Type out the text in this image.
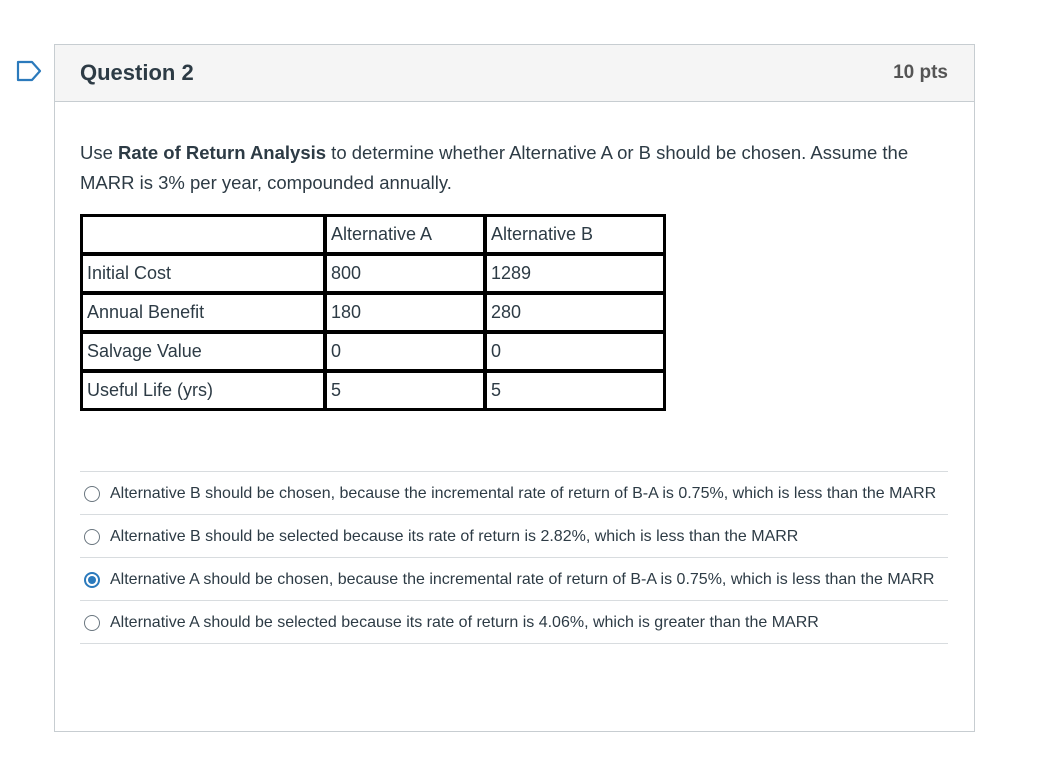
Question 2	10 pts

Use Rate of Return Analysis to determine whether Alternative A or B should be chosen. Assume the MARR is 3% per year, compounded annually.

	Alternative A	Alternative B
Initial Cost	800	1289
Annual Benefit	180	280
Salvage Value	0	0
Useful Life (yrs)	5	5
Alternative B should be chosen, because the incremental rate of return of B-A is 0.75%, which is less than the MARR
Alternative B should be selected because its rate of return is 2.82%, which is less than the MARR
Alternative A should be chosen, because the incremental rate of return of B-A is 0.75%, which is less than the MARR
Alternative A should be selected because its rate of return is 4.06%, which is greater than the MARR
